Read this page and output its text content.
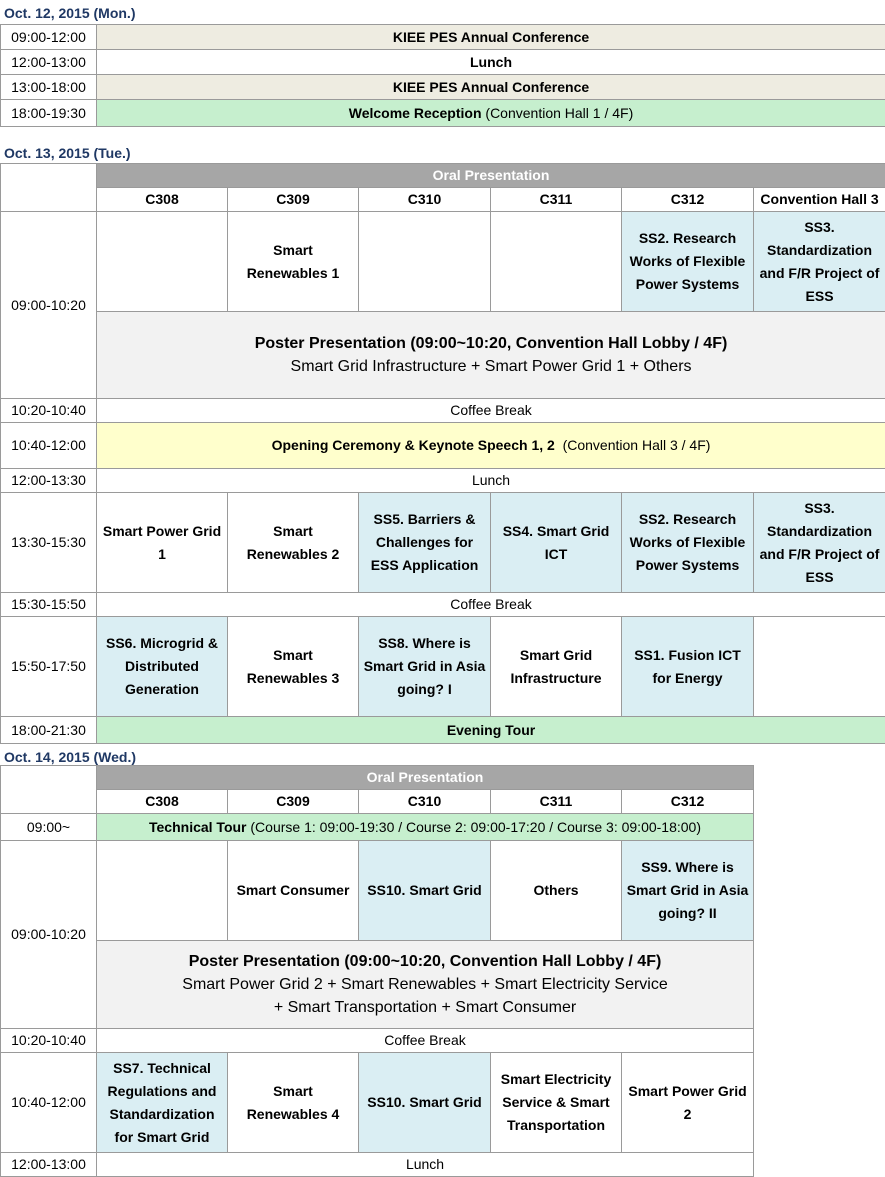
Oct. 12, 2015 (Mon.)
09:00-12:00	KIEE PES Annual Conference
12:00-13:00	Lunch
13:00-18:00	KIEE PES Annual Conference
18:00-19:30	Welcome Reception (Convention Hall 1 / 4F)
Oct. 13, 2015 (Tue.)
	Oral Presentation					
	C308	C309	C310	C311	C312	Convention Hall 3
09:00-10:20		Smart Renewables 1			SS2. Research Works of Flexible Power Systems	SS3. Standardization and F/R Project of ESS

	Poster Presentation (09:00~10:20, Convention Hall Lobby / 4F)
Smart Grid Infrastructure + Smart Power Grid 1 + Others					

10:20-10:40	Coffee Break					
10:40-12:00	Opening Ceremony & Keynote Speech 1, 2 (Convention Hall 3 / 4F)					
12:00-13:30	Lunch					
13:30-15:30	Smart Power Grid 1	Smart Renewables 2	SS5. Barriers & Challenges for ESS Application	SS4. Smart Grid ICT	SS2. Research Works of Flexible Power Systems	SS3. Standardization and F/R Project of ESS
15:30-15:50	Coffee Break					
15:50-17:50	SS6. Microgrid & Distributed Generation	Smart Renewables 3	SS8. Where is Smart Grid in Asia going? I	Smart Grid Infrastructure	SS1. Fusion ICT for Energy	
18:00-21:30	Evening Tour					
Oct. 14, 2015 (Wed.)
	Oral Presentation				
	C308	C309	C310	C311	C312
09:00~	Technical Tour (Course 1: 09:00-19:30 / Course 2: 09:00-17:20 / Course 3: 09:00-18:00)				
09:00-10:20		Smart Consumer	SS10. Smart Grid	Others	SS9. Where is Smart Grid in Asia going? II

	Poster Presentation (09:00~10:20, Convention Hall Lobby / 4F)
Smart Power Grid 2 + Smart Renewables + Smart Electricity Service
+ Smart Transportation + Smart Consumer				

10:20-10:40	Coffee Break				
10:40-12:00	SS7. Technical Regulations and Standardization for Smart Grid	Smart Renewables 4	SS10. Smart Grid	Smart Electricity Service & Smart Transportation	Smart Power Grid 2
12:00-13:00	Lunch				
